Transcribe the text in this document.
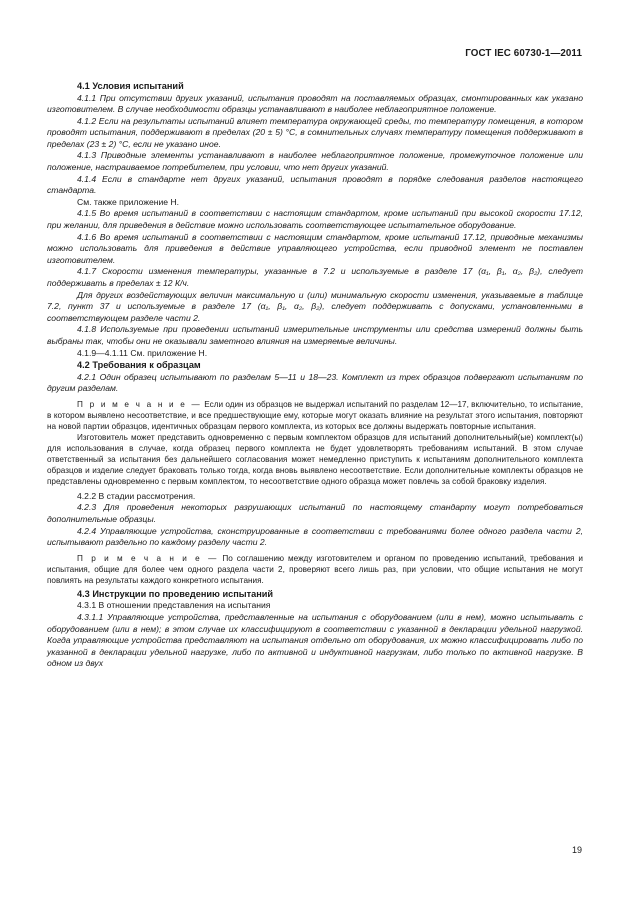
ГОСТ IEC 60730-1—2011
4.1 Условия испытаний

4.1.1 При отсутствии других указаний, испытания проводят на поставляемых образцах, смонтированных как указано изготовителем. В случае необходимости образцы устанавливают в наиболее неблагоприятное положение.

4.1.2 Если на результаты испытаний влияет температура окружающей среды, то температуру помещения, в котором проводят испытания, поддерживают в пределах (20 ± 5) °С, в сомнительных случаях температуру помещения поддерживают в пределах (23 ± 2) °С, если не указано иное.

4.1.3 Приводные элементы устанавливают в наиболее неблагоприятное положение, промежуточное положение или положение, настраиваемое потребителем, при условии, что нет других указаний.

4.1.4 Если в стандарте нет других указаний, испытания проводят в порядке следования разделов настоящего стандарта.

См. также приложение Н.

4.1.5 Во время испытаний в соответствии с настоящим стандартом, кроме испытаний при высокой скорости 17.12, при желании, для приведения в действие можно использовать соответствующее испытательное оборудование.

4.1.6 Во время испытаний в соответствии с настоящим стандартом, кроме испытаний 17.12, приводные механизмы можно использовать для приведения в действие управляющего устройства, если приводной элемент не поставлен изготовителем.

4.1.7 Скорости изменения температуры, указанные в 7.2 и используемые в разделе 17 (α₁, β₁, α₂, β₂), следует поддерживать в пределах ± 12 К/ч.

Для других воздействующих величин максимальную и (или) минимальную скорости изменения, указываемые в таблице 7.2, пункт 37 и используемые в разделе 17 (α₁, β₁, α₂, β₂), следует поддерживать с допусками, установленными в соответствующем разделе части 2.

4.1.8 Используемые при проведении испытаний измерительные инструменты или средства измерений должны быть выбраны так, чтобы они не оказывали заметного влияния на измеряемые величины.

4.1.9—4.1.11 См. приложение Н.

4.2 Требования к образцам

4.2.1 Один образец испытывают по разделам 5—11 и 18—23. Комплект из трех образцов подвергают испытаниям по другим разделам.

П р и м е ч а н и е — Если один из образцов не выдержал испытаний по разделам 12—17, включительно, то испытание, в котором выявлено несоответствие, и все предшествующие ему, которые могут оказать влияние на результат этого испытания, повторяют на новой партии образцов, идентичных образцам первого комплекта, из которых все должны выдержать повторные испытания.

Изготовитель может представить одновременно с первым комплектом образцов для испытаний дополнительный(ые) комплект(ы) для использования в случае, когда образец первого комплекта не будет удовлетворять требованиям испытаний. В этом случае ответственный за испытания без дальнейшего согласования может немедленно приступить к испытаниям дополнительного комплекта образцов и изделие следует браковать только тогда, когда вновь выявлено несоответствие. Если дополнительные комплекты образцов не представлены одновременно с первым комплектом, то несоответствие одного образца может повлечь за собой браковку изделия.

4.2.2 В стадии рассмотрения.

4.2.3 Для проведения некоторых разрушающих испытаний по настоящему стандарту могут потребоваться дополнительные образцы.

4.2.4 Управляющие устройства, сконструированные в соответствии с требованиями более одного раздела части 2, испытывают раздельно по каждому разделу части 2.

П р и м е ч а н и е — По соглашению между изготовителем и органом по проведению испытаний, требования и испытания, общие для более чем одного раздела части 2, проверяют всего лишь раз, при условии, что общие испытания не могут повлиять на результаты каждого конкретного испытания.

4.3 Инструкции по проведению испытаний

4.3.1 В отношении представления на испытания

4.3.1.1 Управляющие устройства, представленные на испытания с оборудованием (или в нем), можно испытывать с оборудованием (или в нем); в этом случае их классифицируют в соответствии с указанной в декларации удельной нагрузкой. Когда управляющие устройства представляют на испытания отдельно от оборудования, их можно классифицировать либо по указанной в декларации удельной нагрузке, либо по активной и индуктивной нагрузкам, либо только по активной нагрузке. В одном из двух

19
